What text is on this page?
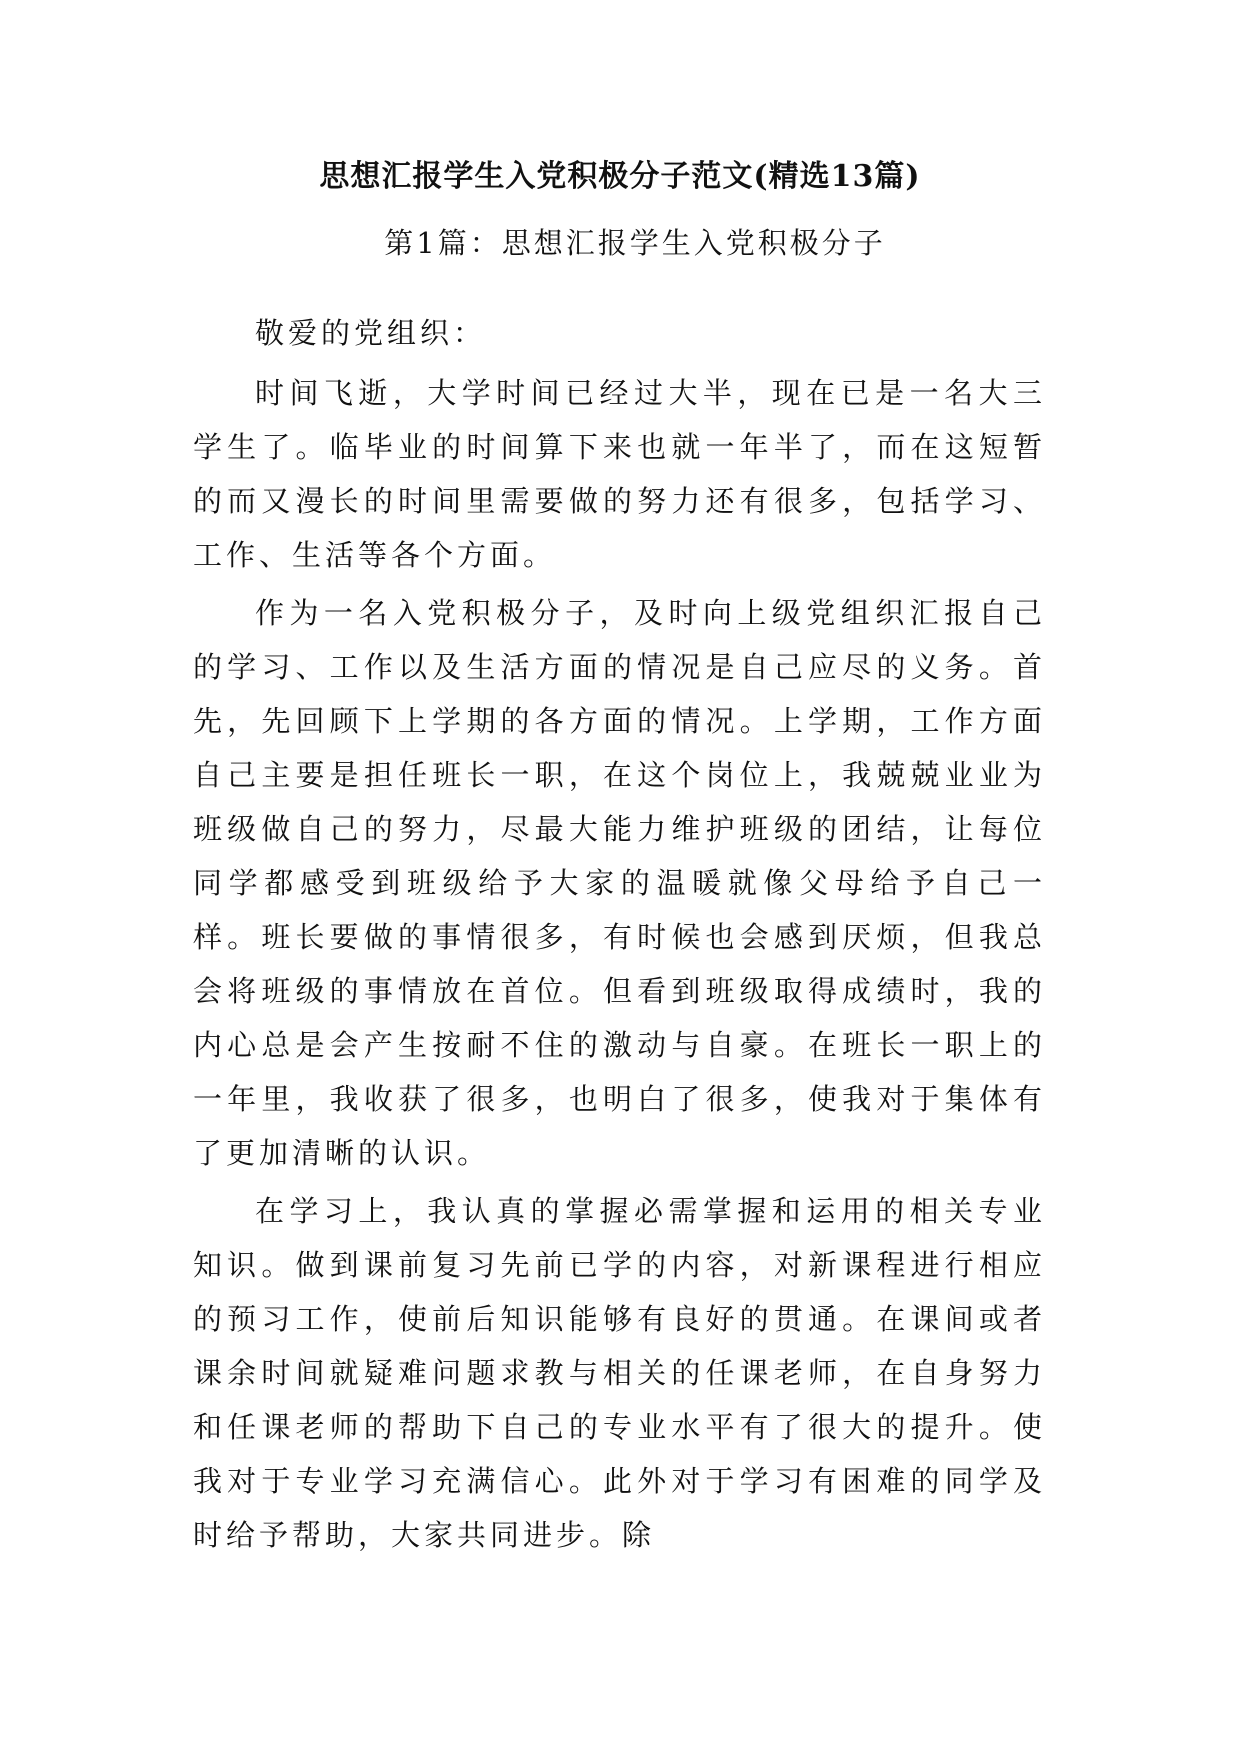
思想汇报学生入党积极分子范文(精选13篇)
第1篇：思想汇报学生入党积极分子

敬爱的党组织：

时间飞逝，大学时间已经过大半，现在已是一名大三学生了。临毕业的时间算下来也就一年半了，而在这短暂的而又漫长的时间里需要做的努力还有很多，包括学习、工作、生活等各个方面。

作为一名入党积极分子，及时向上级党组织汇报自己的学习、工作以及生活方面的情况是自己应尽的义务。首先，先回顾下上学期的各方面的情况。上学期，工作方面自己主要是担任班长一职，在这个岗位上，我兢兢业业为班级做自己的努力，尽最大能力维护班级的团结，让每位同学都感受到班级给予大家的温暖就像父母给予自己一样。班长要做的事情很多，有时候也会感到厌烦，但我总会将班级的事情放在首位。但看到班级取得成绩时，我的内心总是会产生按耐不住的激动与自豪。在班长一职上的一年里，我收获了很多，也明白了很多，使我对于集体有了更加清晰的认识。

在学习上，我认真的掌握必需掌握和运用的相关专业知识。做到课前复习先前已学的内容，对新课程进行相应的预习工作，使前后知识能够有良好的贯通。在课间或者课余时间就疑难问题求教与相关的任课老师，在自身努力和任课老师的帮助下自己的专业水平有了很大的提升。使我对于专业学习充满信心。此外对于学习有困难的同学及时给予帮助，大家共同进步。除
